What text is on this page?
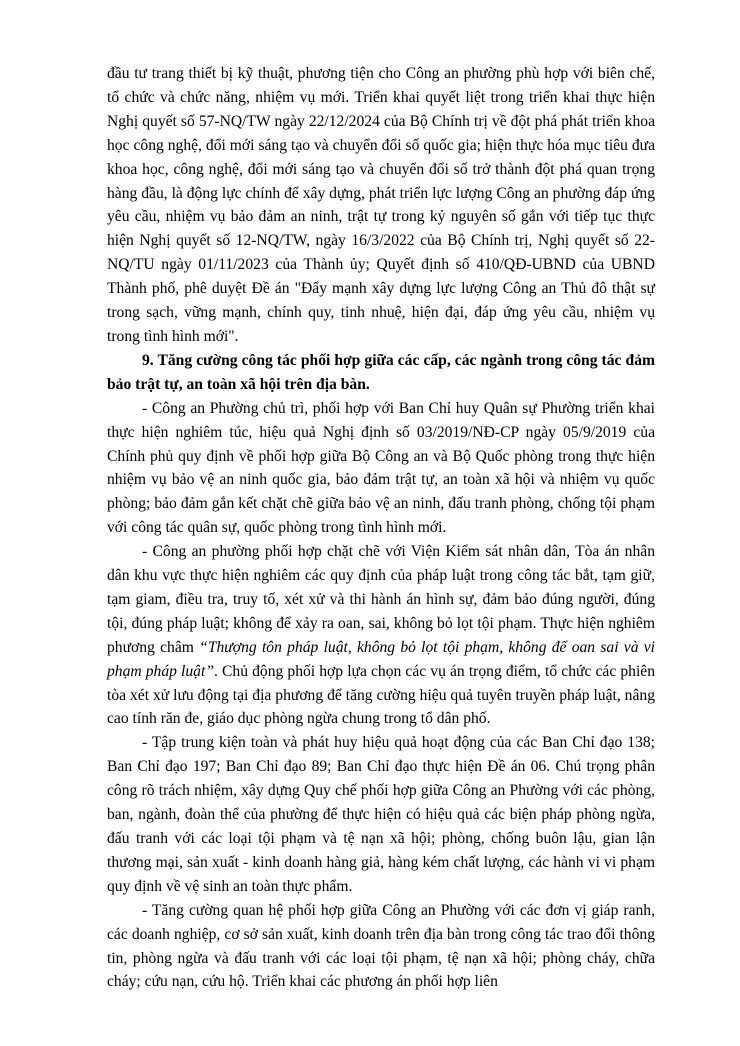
đầu tư trang thiết bị kỹ thuật, phương tiện cho Công an phường phù hợp với biên chế, tổ chức và chức năng, nhiệm vụ mới. Triển khai quyết liệt trong triển khai thực hiện Nghị quyết số 57-NQ/TW ngày 22/12/2024 của Bộ Chính trị về đột phá phát triển khoa học công nghệ, đổi mới sáng tạo và chuyển đổi số quốc gia; hiện thực hóa mục tiêu đưa khoa học, công nghệ, đổi mới sáng tạo và chuyển đổi số trở thành đột phá quan trọng hàng đầu, là động lực chính để xây dựng, phát triển lực lượng Công an phường đáp ứng yêu cầu, nhiệm vụ bảo đảm an ninh, trật tự trong kỷ nguyên số gắn với tiếp tục thực hiện Nghị quyết số 12-NQ/TW, ngày 16/3/2022 của Bộ Chính trị, Nghị quyết số 22-NQ/TU ngày 01/11/2023 của Thành ủy; Quyết định số 410/QĐ-UBND của UBND Thành phố, phê duyệt Đề án "Đẩy mạnh xây dựng lực lượng Công an Thủ đô thật sự trong sạch, vững mạnh, chính quy, tinh nhuệ, hiện đại, đáp ứng yêu cầu, nhiệm vụ trong tình hình mới".

9. Tăng cường công tác phối hợp giữa các cấp, các ngành trong công tác đảm bảo trật tự, an toàn xã hội trên địa bàn.

- Công an Phường chủ trì, phối hợp với Ban Chỉ huy Quân sự Phường triển khai thực hiện nghiêm túc, hiệu quả Nghị định số 03/2019/NĐ-CP ngày 05/9/2019 của Chính phủ quy định về phối hợp giữa Bộ Công an và Bộ Quốc phòng trong thực hiện nhiệm vụ bảo vệ an ninh quốc gia, bảo đảm trật tự, an toàn xã hội và nhiệm vụ quốc phòng; bảo đảm gắn kết chặt chẽ giữa bảo vệ an ninh, đấu tranh phòng, chống tội phạm với công tác quân sự, quốc phòng trong tình hình mới.

- Công an phường phối hợp chặt chẽ với Viện Kiểm sát nhân dân, Tòa án nhân dân khu vực thực hiện nghiêm các quy định của pháp luật trong công tác bắt, tạm giữ, tạm giam, điều tra, truy tố, xét xử và thi hành án hình sự, đảm bảo đúng người, đúng tội, đúng pháp luật; không để xảy ra oan, sai, không bỏ lọt tội phạm. Thực hiện nghiêm phương châm “Thượng tôn pháp luật, không bỏ lọt tội phạm, không để oan sai và vi phạm pháp luật”. Chủ động phối hợp lựa chọn các vụ án trọng điểm, tổ chức các phiên tòa xét xử lưu động tại địa phương để tăng cường hiệu quả tuyên truyền pháp luật, nâng cao tính răn đe, giáo dục phòng ngừa chung trong tổ dân phố.

- Tập trung kiện toàn và phát huy hiệu quả hoạt động của các Ban Chỉ đạo 138; Ban Chỉ đạo 197; Ban Chỉ đạo 89; Ban Chỉ đạo thực hiện Đề án 06. Chú trọng phân công rõ trách nhiệm, xây dựng Quy chế phối hợp giữa Công an Phường với các phòng, ban, ngành, đoàn thể của phường để thực hiện có hiệu quả các biện pháp phòng ngừa, đấu tranh với các loại tội phạm và tệ nạn xã hội; phòng, chống buôn lậu, gian lận thương mại, sản xuất - kinh doanh hàng giả, hàng kém chất lượng, các hành vi vi phạm quy định về vệ sinh an toàn thực phẩm.

- Tăng cường quan hệ phối hợp giữa Công an Phường với các đơn vị giáp ranh, các doanh nghiệp, cơ sở sản xuất, kinh doanh trên địa bàn trong công tác trao đổi thông tin, phòng ngừa và đấu tranh với các loại tội phạm, tệ nạn xã hội; phòng cháy, chữa cháy; cứu nạn, cứu hộ. Triển khai các phương án phối hợp liên
